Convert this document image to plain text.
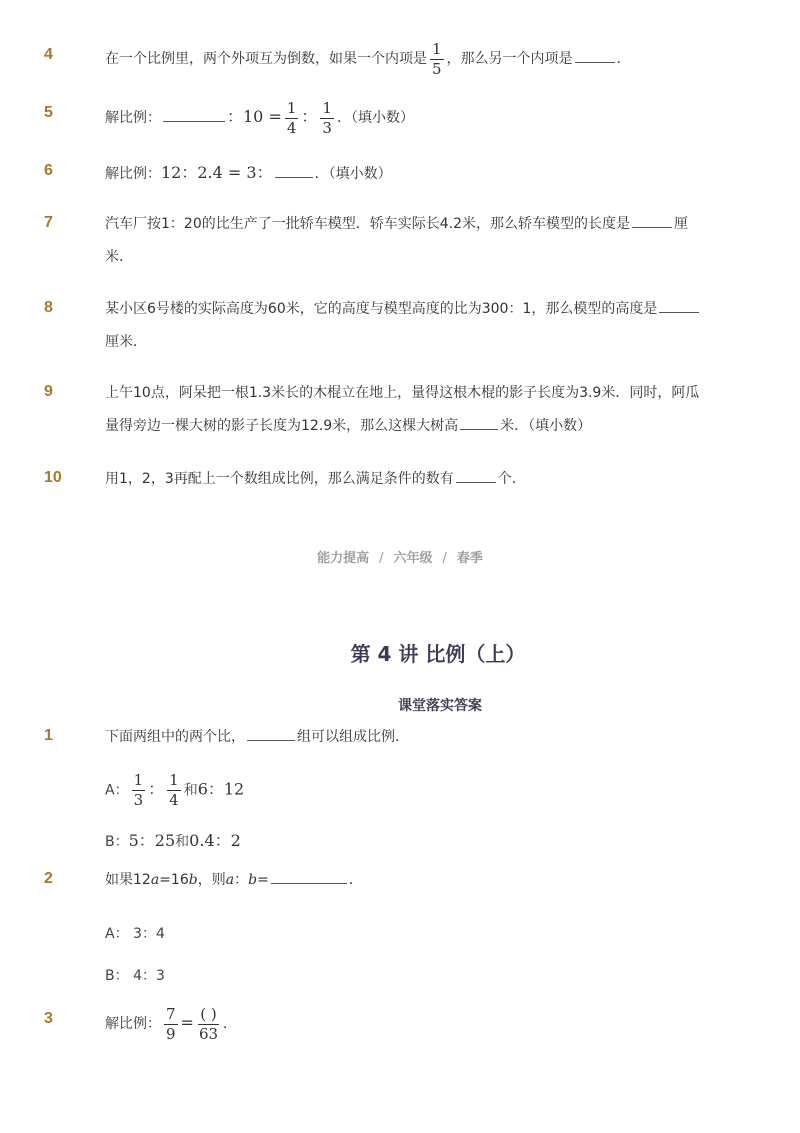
4	在一个比例里，两个外项互为倒数，如果一个内项是 $\frac{1}{5}$ ，那么另一个内项是	．
5	解比例：	：$10 = \frac{1}{4}$ ： $\frac{1}{3}$ ．（填小数）
6	解比例：12：2.4 = 3：	．（填小数）
7	汽车厂按1：20的比生产了一批轿车模型．轿车实际长4.2米，那么轿车模型的长度是	厘
米．
8	某小区6号楼的实际高度为60米，它的高度与模型高度的比为300：1，那么模型的高度是
厘米．
9	上午10点，阿呆把一根1.3米长的木棍立在地上，量得这根木棍的影子长度为3.9米．同时，阿瓜
量得旁边一棵大树的影子长度为12.9米，那么这棵大树高	米．（填小数）
10	用1，2，3再配上一个数组成比例，那么满足条件的数有	个．
能力提高 / 六年级 / 春季
第 4 讲 比例（上）
课堂落实答案
1	下面两组中的两个比，	组可以组成比例．
A： $\frac{1}{3}$ ： $\frac{1}{4}$ 和6：12
B：5：25和0.4：2
2	如果12a=16b，则a：b=	．
A： 3：4
B： 4：3
3	解比例： $\frac{7}{9} = \frac{( )}{63}$ ．
